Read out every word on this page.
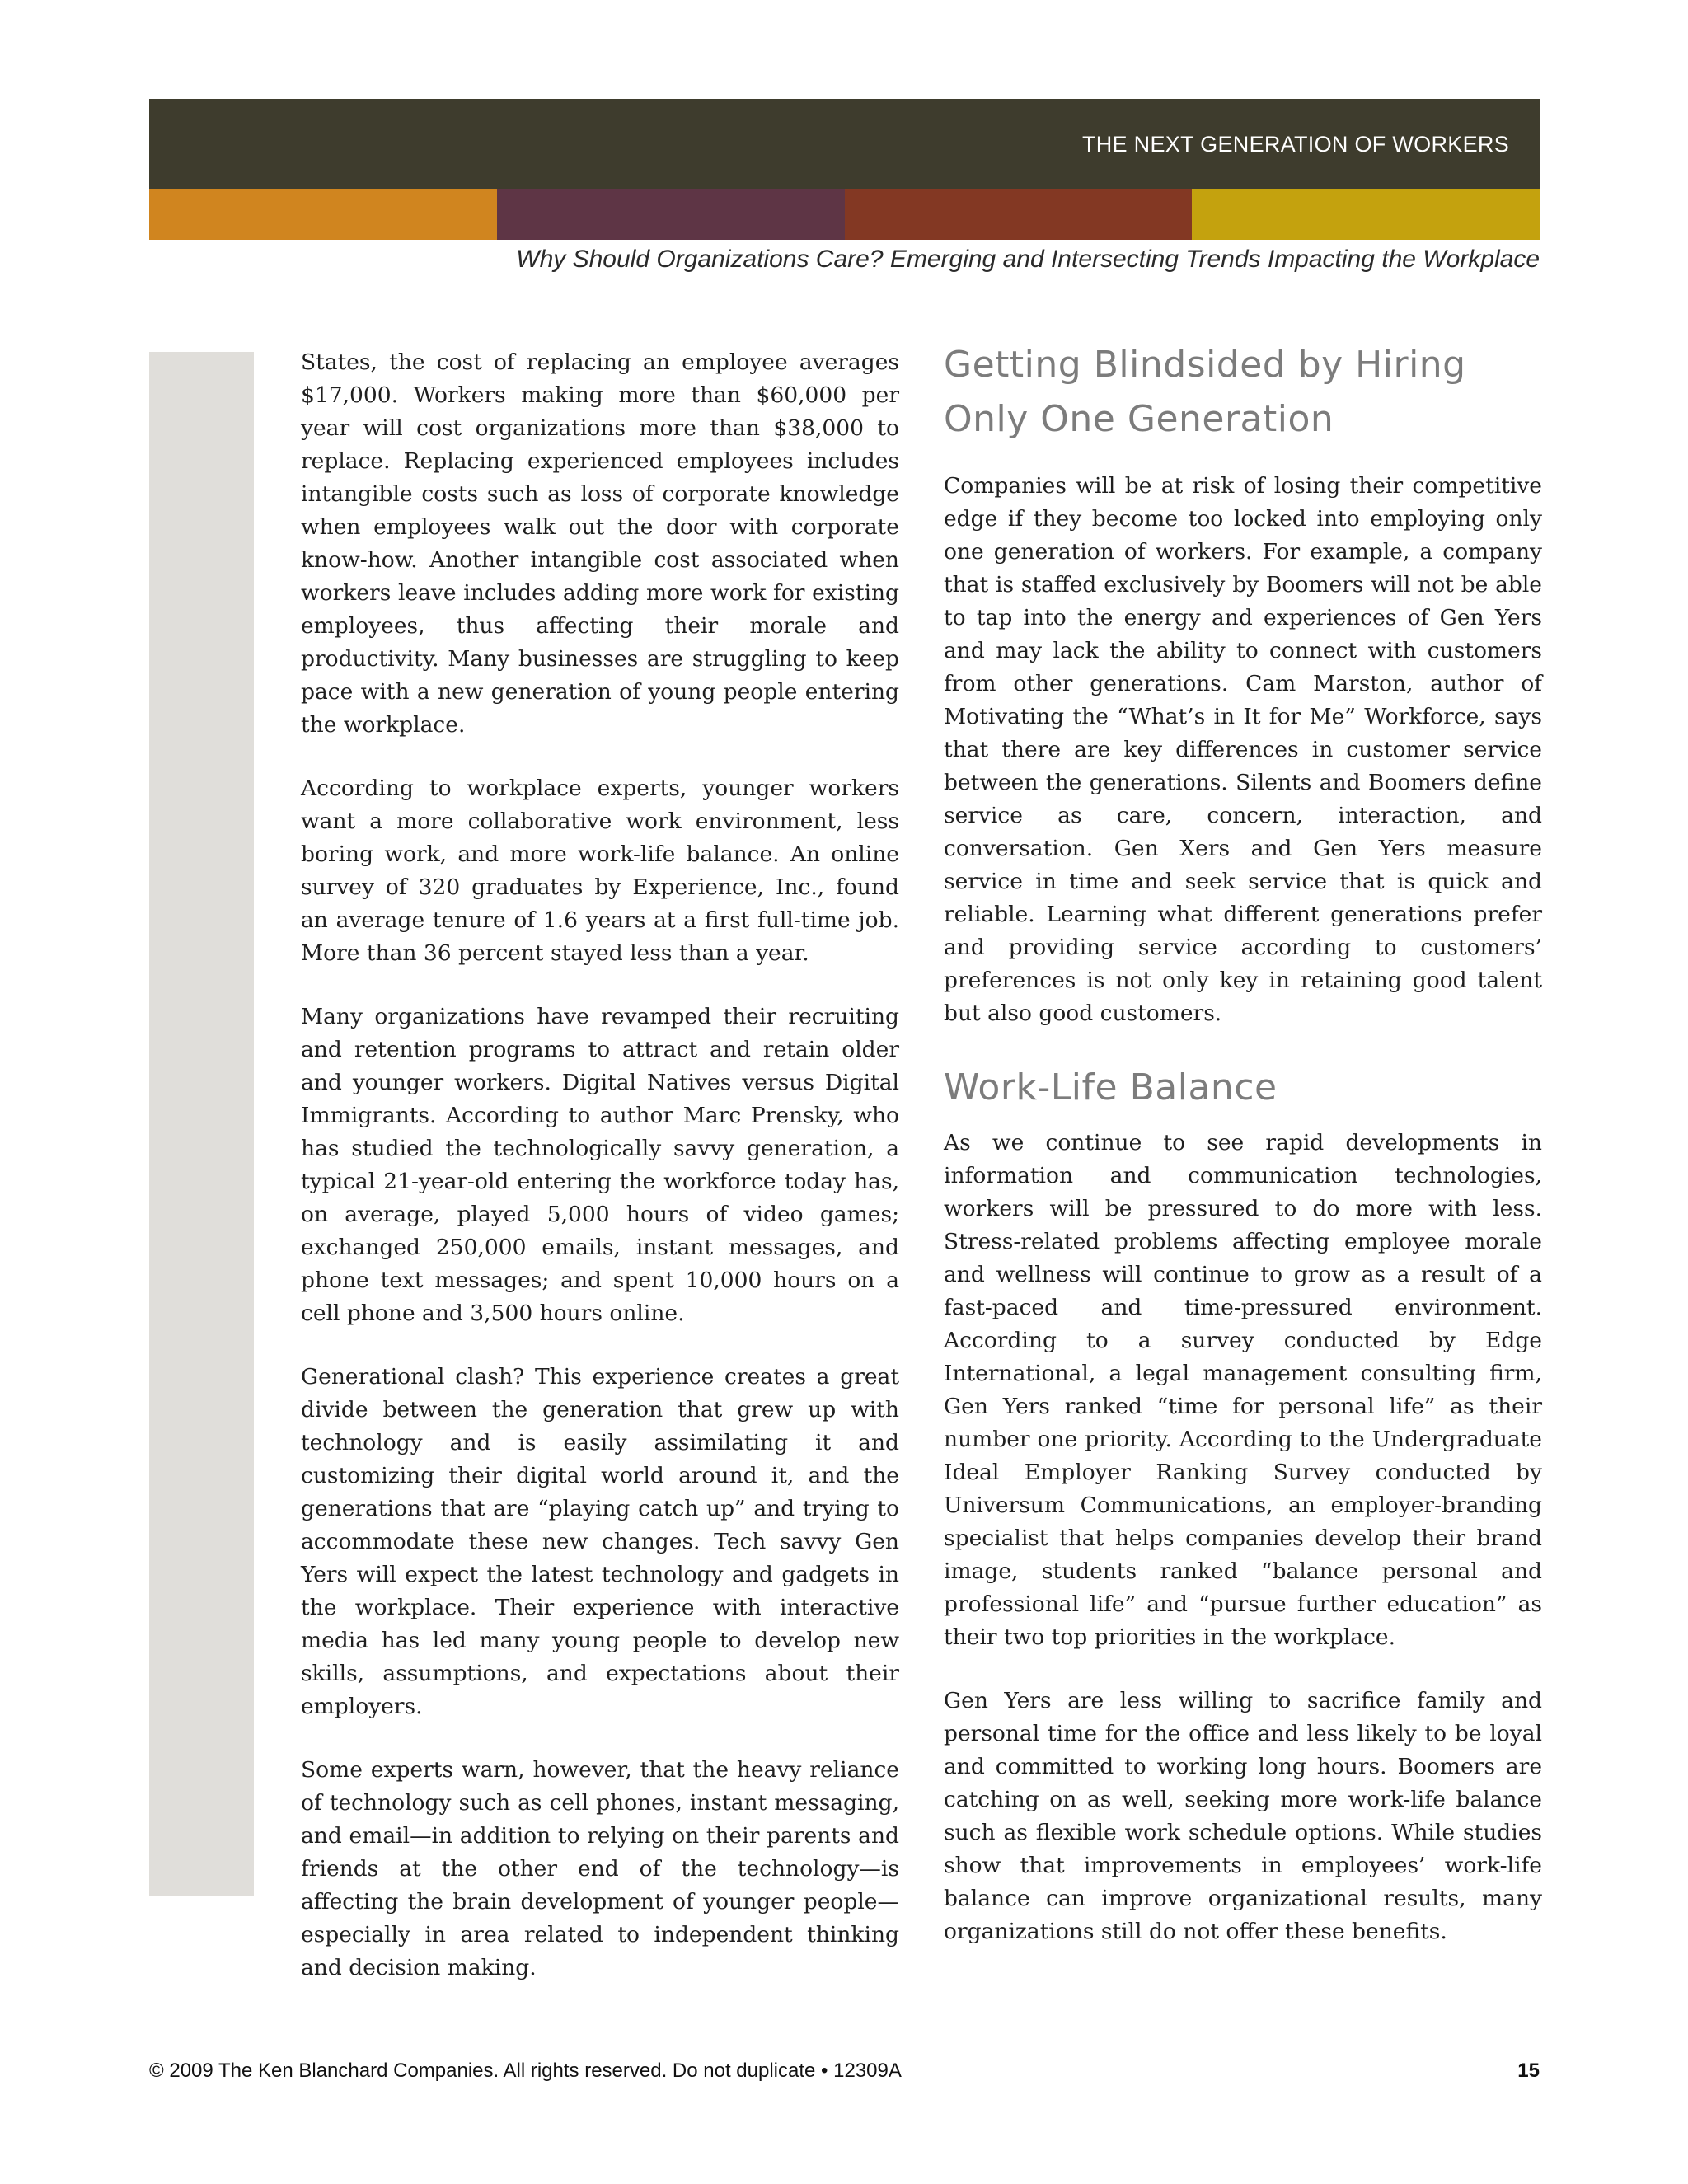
THE NEXT GENERATION OF WORKERS
Why Should Organizations Care? Emerging and Intersecting Trends Impacting the Workplace

States, the cost of replacing an employee averages $17,000. Workers making more than $60,000 per year will cost organizations more than $38,000 to replace. Replacing experienced employees includes intangible costs such as loss of corporate knowledge when employees walk out the door with corporate know-how. Another intangible cost associated when workers leave includes adding more work for existing employees, thus affecting their morale and productivity. Many businesses are struggling to keep pace with a new generation of young people entering the workplace.

According to workplace experts, younger workers want a more collaborative work environment, less boring work, and more work-life balance. An online survey of 320 graduates by Experience, Inc., found an average tenure of 1.6 years at a first full-time job. More than 36 percent stayed less than a year.

Many organizations have revamped their recruiting and retention programs to attract and retain older and younger workers. Digital Natives versus Digital Immigrants. According to author Marc Prensky, who has studied the technologically savvy generation, a typical 21-year-old entering the workforce today has, on average, played 5,000 hours of video games; exchanged 250,000 emails, instant messages, and phone text messages; and spent 10,000 hours on a cell phone and 3,500 hours online.

Generational clash? This experience creates a great divide between the generation that grew up with technology and is easily assimilating it and customizing their digital world around it, and the generations that are “playing catch up” and trying to accommodate these new changes. Tech savvy Gen Yers will expect the latest technology and gadgets in the workplace. Their experience with interactive media has led many young people to develop new skills, assumptions, and expectations about their employers.

Some experts warn, however, that the heavy reliance of technology such as cell phones, instant messaging, and email—in addition to relying on their parents and friends at the other end of the technology—is affecting the brain development of younger people—especially in area related to independent thinking and decision making.

Getting Blindsided by Hiring Only One Generation

Companies will be at risk of losing their competitive edge if they become too locked into employing only one generation of workers. For example, a company that is staffed exclusively by Boomers will not be able to tap into the energy and experiences of Gen Yers and may lack the ability to connect with customers from other generations. Cam Marston, author of Motivating the “What’s in It for Me” Workforce, says that there are key differences in customer service between the generations. Silents and Boomers define service as care, concern, interaction, and conversation. Gen Xers and Gen Yers measure service in time and seek service that is quick and reliable. Learning what different generations prefer and providing service according to customers’ preferences is not only key in retaining good talent but also good customers.

Work-Life Balance

As we continue to see rapid developments in information and communication technologies, workers will be pressured to do more with less. Stress-related problems affecting employee morale and wellness will continue to grow as a result of a fast-paced and time-pressured environment. According to a survey conducted by Edge International, a legal management consulting firm, Gen Yers ranked “time for personal life” as their number one priority. According to the Undergraduate Ideal Employer Ranking Survey conducted by Universum Communications, an employer-branding specialist that helps companies develop their brand image, students ranked “balance personal and professional life” and “pursue further education” as their two top priorities in the workplace.

Gen Yers are less willing to sacrifice family and personal time for the office and less likely to be loyal and committed to working long hours. Boomers are catching on as well, seeking more work-life balance such as flexible work schedule options. While studies show that improvements in employees’ work-life balance can improve organizational results, many organizations still do not offer these benefits.

© 2009 The Ken Blanchard Companies. All rights reserved. Do not duplicate • 12309A	15
